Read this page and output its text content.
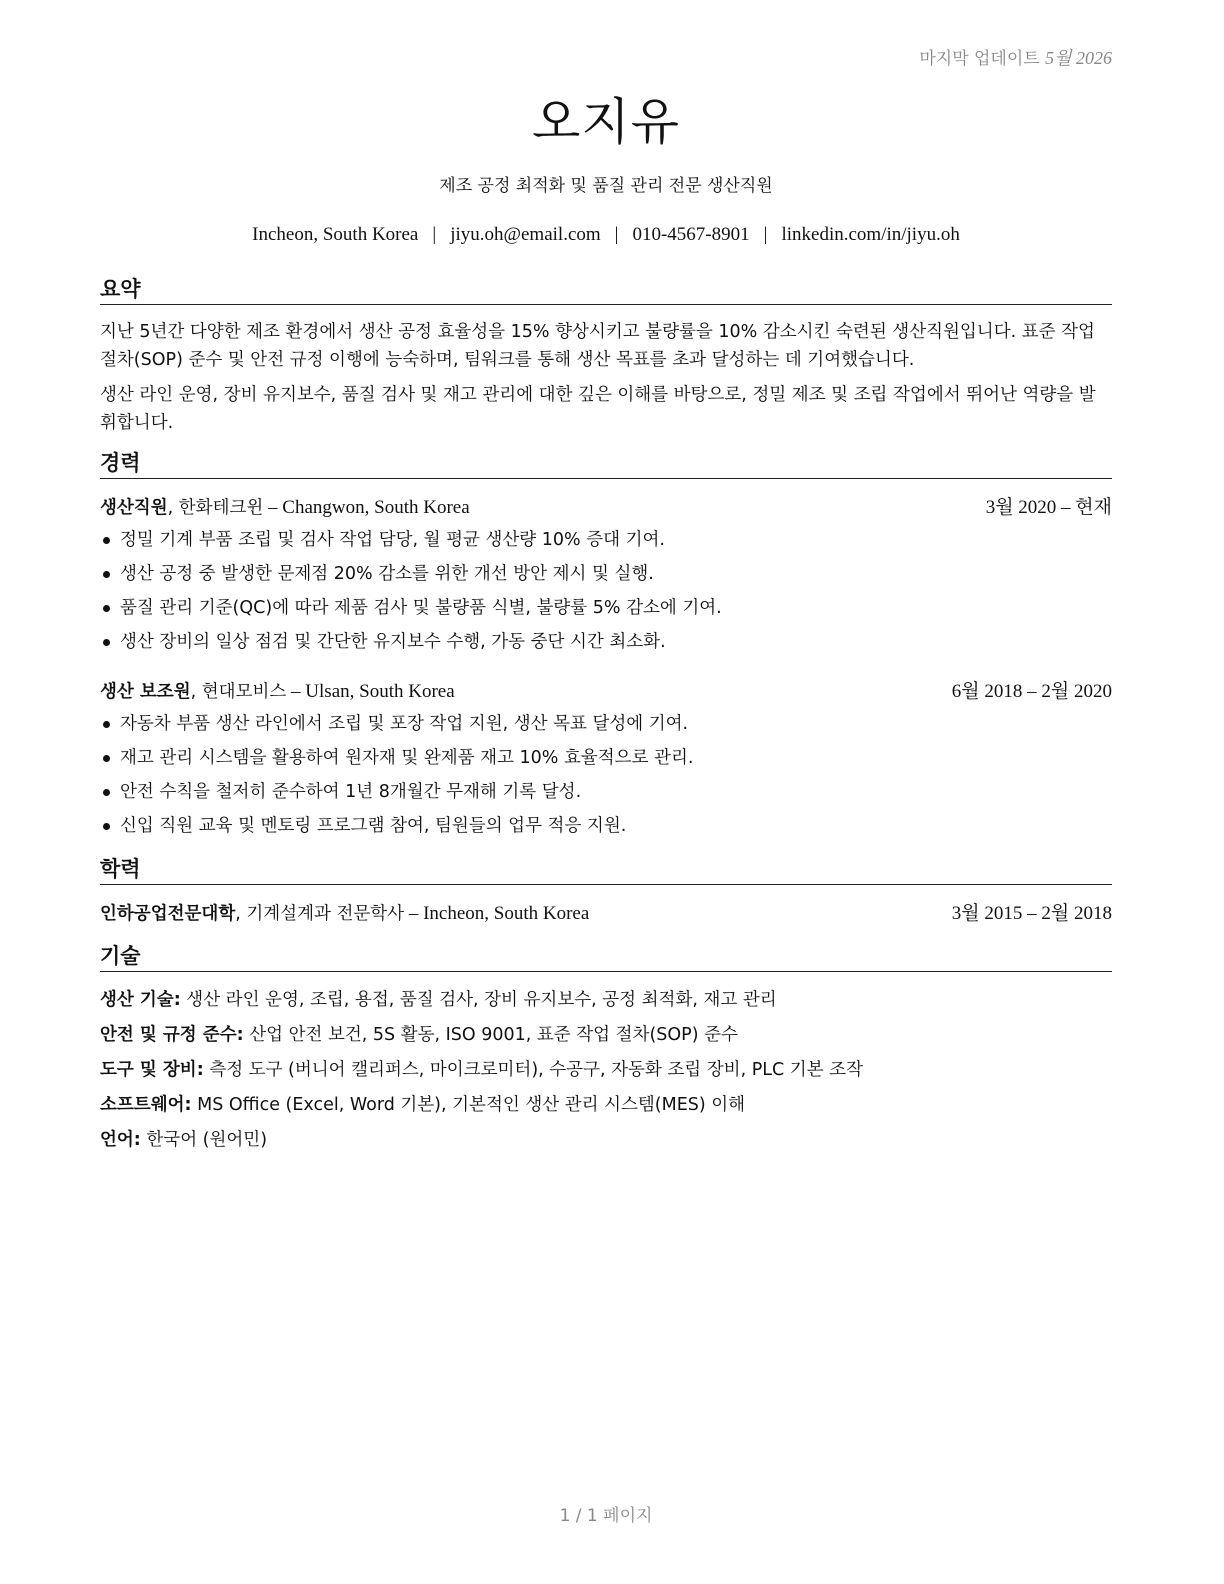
마지막 업데이트 5월 2026
오지유
제조 공정 최적화 및 품질 관리 전문 생산직원
Incheon, South Korea | jiyu.oh@email.com | 010-4567-8901 | linkedin.com/in/jiyu.oh
요약

지난 5년간 다양한 제조 환경에서 생산 공정 효율성을 15% 향상시키고 불량률을 10% 감소시킨 숙련된 생산직원입니다. 표준 작업 절차(SOP) 준수 및 안전 규정 이행에 능숙하며, 팀워크를 통해 생산 목표를 초과 달성하는 데 기여했습니다.

생산 라인 운영, 장비 유지보수, 품질 검사 및 재고 관리에 대한 깊은 이해를 바탕으로, 정밀 제조 및 조립 작업에서 뛰어난 역량을 발휘합니다.

경력
생산직원, 한화테크윈 – Changwon, South Korea	3월 2020 – 현재
정밀 기계 부품 조립 및 검사 작업 담당, 월 평균 생산량 10% 증대 기여.
생산 공정 중 발생한 문제점 20% 감소를 위한 개선 방안 제시 및 실행.
품질 관리 기준(QC)에 따라 제품 검사 및 불량품 식별, 불량률 5% 감소에 기여.
생산 장비의 일상 점검 및 간단한 유지보수 수행, 가동 중단 시간 최소화.
생산 보조원, 현대모비스 – Ulsan, South Korea	6월 2018 – 2월 2020
자동차 부품 생산 라인에서 조립 및 포장 작업 지원, 생산 목표 달성에 기여.
재고 관리 시스템을 활용하여 원자재 및 완제품 재고 10% 효율적으로 관리.
안전 수칙을 철저히 준수하여 1년 8개월간 무재해 기록 달성.
신입 직원 교육 및 멘토링 프로그램 참여, 팀원들의 업무 적응 지원.
학력
인하공업전문대학, 기계설계과 전문학사 – Incheon, South Korea	3월 2015 – 2월 2018
기술
생산 기술: 생산 라인 운영, 조립, 용접, 품질 검사, 장비 유지보수, 공정 최적화, 재고 관리
안전 및 규정 준수: 산업 안전 보건, 5S 활동, ISO 9001, 표준 작업 절차(SOP) 준수
도구 및 장비: 측정 도구 (버니어 캘리퍼스, 마이크로미터), 수공구, 자동화 조립 장비, PLC 기본 조작
소프트웨어: MS Office (Excel, Word 기본), 기본적인 생산 관리 시스템(MES) 이해
언어: 한국어 (원어민)
1 / 1 페이지
